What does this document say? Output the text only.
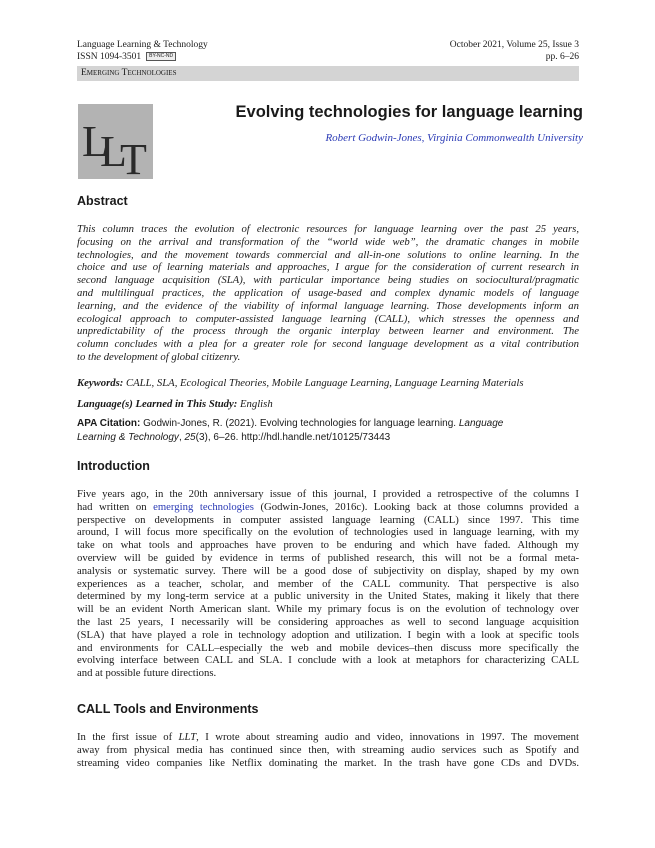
Language Learning & Technology	October 2021, Volume 25, Issue 3
ISSN 1094-3501 BY-NC-ND	pp. 6–26
Emerging Technologies
L
L
T
Evolving technologies for language learning
Robert Godwin-Jones, Virginia Commonwealth University
Abstract
This column traces the evolution of electronic resources for language learning over the past 25 years,
focusing on the arrival and transformation of the “world wide web”, the dramatic changes in mobile
technologies, and the movement towards commercial and all-in-one solutions to online learning. In the
choice and use of learning materials and approaches, I argue for the consideration of current research in
second language acquisition (SLA), with particular importance being studies on sociocultural/pragmatic
and multilingual practices, the application of usage-based and complex dynamic models of language
learning, and the evidence of the viability of informal language learning. Those developments inform an
ecological approach to computer-assisted language learning (CALL), which stresses the openness and
unpredictability of the process through the organic interplay between learner and environment. The
column concludes with a plea for a greater role for second language development as a vital contribution
to the development of global citizenry.
Keywords: CALL, SLA, Ecological Theories, Mobile Language Learning, Language Learning Materials
Language(s) Learned in This Study: English
APA Citation: Godwin-Jones, R. (2021). Evolving technologies for language learning. Language
Learning & Technology, 25(3), 6–26. http://hdl.handle.net/10125/73443
Introduction
Five years ago, in the 20th anniversary issue of this journal, I provided a retrospective of the columns I
had written on emerging technologies (Godwin-Jones, 2016c). Looking back at those columns provided a
perspective on developments in computer assisted language learning (CALL) since 1997. This time
around, I will focus more specifically on the evolution of technologies used in language learning, with my
take on what tools and approaches have proven to be enduring and which have faded. Although my
overview will be guided by evidence in terms of published research, this will not be a formal meta-
analysis or systematic survey. There will be a good dose of subjectivity on display, shaped by my own
experiences as a teacher, scholar, and member of the CALL community. That perspective is also
determined by my long-term service at a public university in the United States, making it likely that there
will be an evident North American slant. While my primary focus is on the evolution of technology over
the last 25 years, I necessarily will be considering approaches as well to second language acquisition
(SLA) that have played a role in technology adoption and utilization. I begin with a look at specific tools
and environments for CALL–especially the web and mobile devices–then discuss more specifically the
evolving interface between CALL and SLA. I conclude with a look at metaphors for characterizing CALL
and at possible future directions.
CALL Tools and Environments
In the first issue of LLT, I wrote about streaming audio and video, innovations in 1997. The movement
away from physical media has continued since then, with streaming audio services such as Spotify and
streaming video companies like Netflix dominating the market. In the trash have gone CDs and DVDs.
